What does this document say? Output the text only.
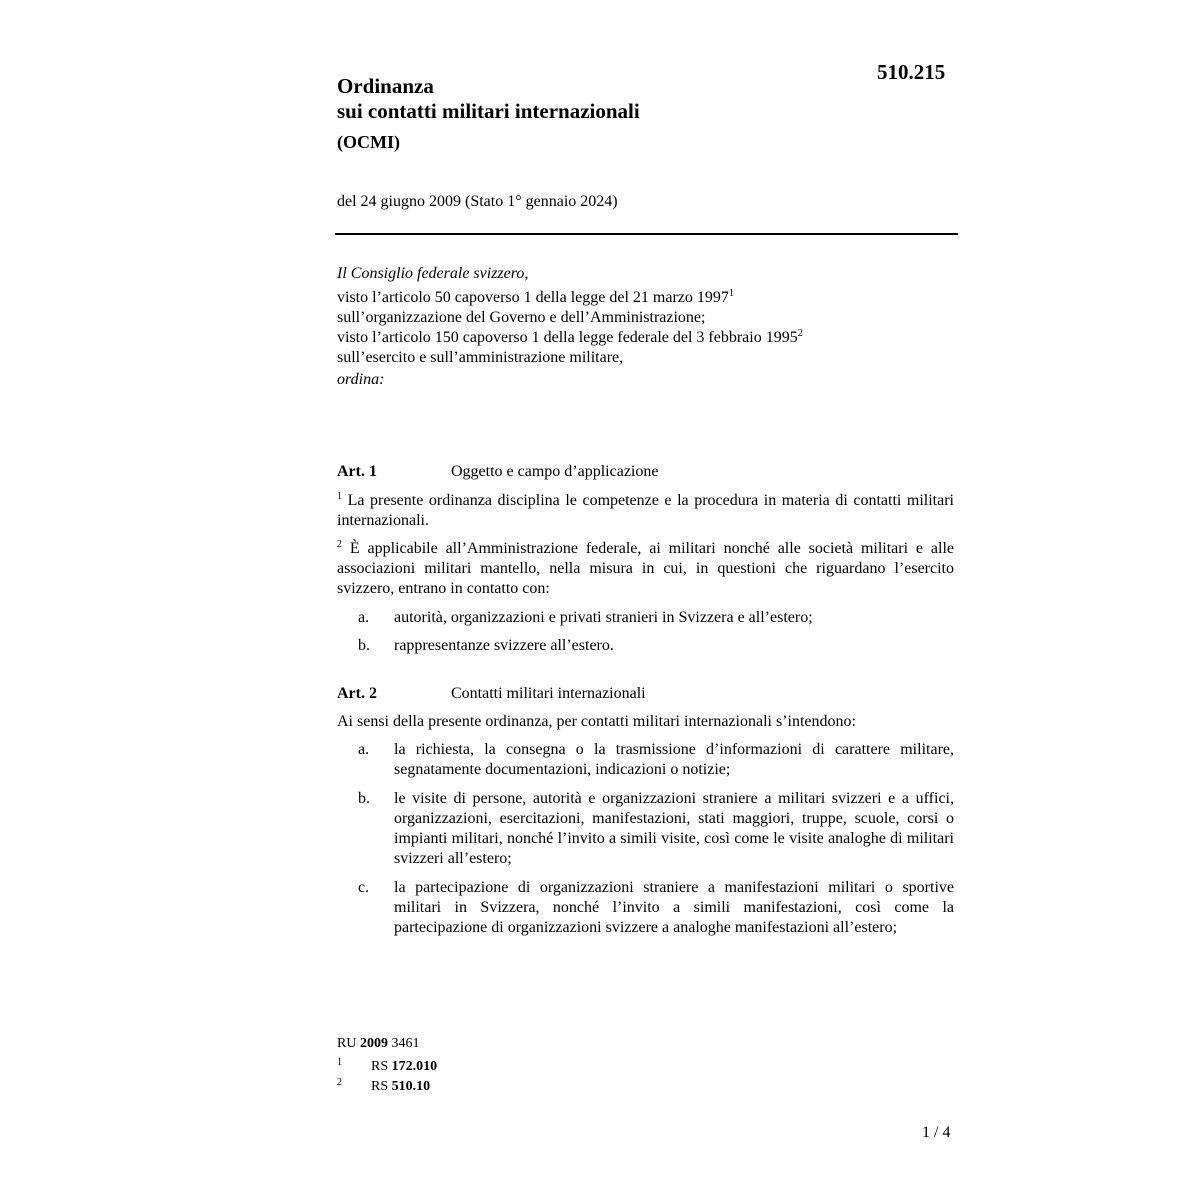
510.215
Ordinanza
sui contatti militari internazionali
(OCMI)
del 24 giugno 2009 (Stato 1° gennaio 2024)
Il Consiglio federale svizzero,
visto l’articolo 50 capoverso 1 della legge del 21 marzo 1997$^1$
sull’organizzazione del Governo e dell’Amministrazione;
visto l’articolo 150 capoverso 1 della legge federale del 3 febbraio 1995$^2$
sull’esercito e sull’amministrazione militare,
ordina:
Art. 1	Oggetto e campo d’applicazione
$^1$ La presente ordinanza disciplina le competenze e la procedura in materia di contatti militari internazionali.
$^2$ È applicabile all’Amministrazione federale, ai militari nonché alle società militari e alle associazioni militari mantello, nella misura in cui, in questioni che riguardano l’esercito svizzero, entrano in contatto con:
a. autorità, organizzazioni e privati stranieri in Svizzera e all’estero;
b. rappresentanze svizzere all’estero.
Art. 2	Contatti militari internazionali
Ai sensi della presente ordinanza, per contatti militari internazionali s’intendono:
a. la richiesta, la consegna o la trasmissione d’informazioni di carattere militare, segnatamente documentazioni, indicazioni o notizie;
b. le visite di persone, autorità e organizzazioni straniere a militari svizzeri e a uffici, organizzazioni, esercitazioni, manifestazioni, stati maggiori, truppe, scuole, corsi o impianti militari, nonché l’invito a simili visite, così come le visite analoghe di militari svizzeri all’estero;
c. la partecipazione di organizzazioni straniere a manifestazioni militari o sportive militari in Svizzera, nonché l’invito a simili manifestazioni, così come la partecipazione di organizzazioni svizzere a analoghe manifestazioni all’estero;
RU 2009 3461
1 RS 172.010
2 RS 510.10
1 / 4
